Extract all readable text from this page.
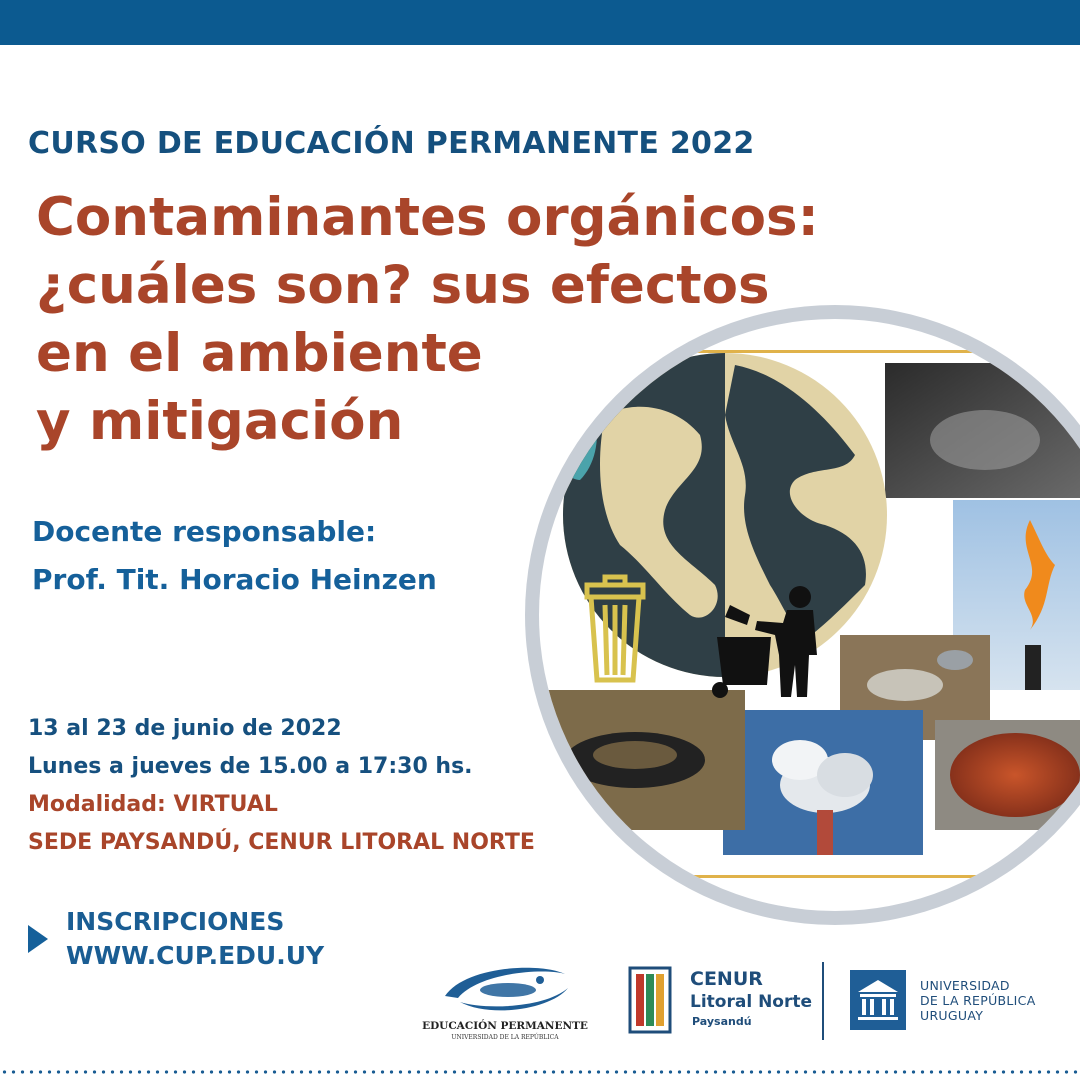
CURSO DE EDUCACIÓN PERMANENTE 2022
Contaminantes orgánicos:
¿cuáles son? sus efectos
en el ambiente
y mitigación
Docente responsable:
Prof. Tit. Horacio Heinzen
13 al 23 de junio de 2022
Lunes a jueves de 15.00 a 17:30 hs.
Modalidad: VIRTUAL
SEDE PAYSANDÚ, CENUR LITORAL NORTE
INSCRIPCIONES
WWW.CUP.EDU.UY
EDUCACIÓN PERMANENTE
UNIVERSIDAD DE LA REPÚBLICA
CENUR
Litoral Norte
Paysandú
UNIVERSIDAD
DE LA REPÚBLICA
URUGUAY
